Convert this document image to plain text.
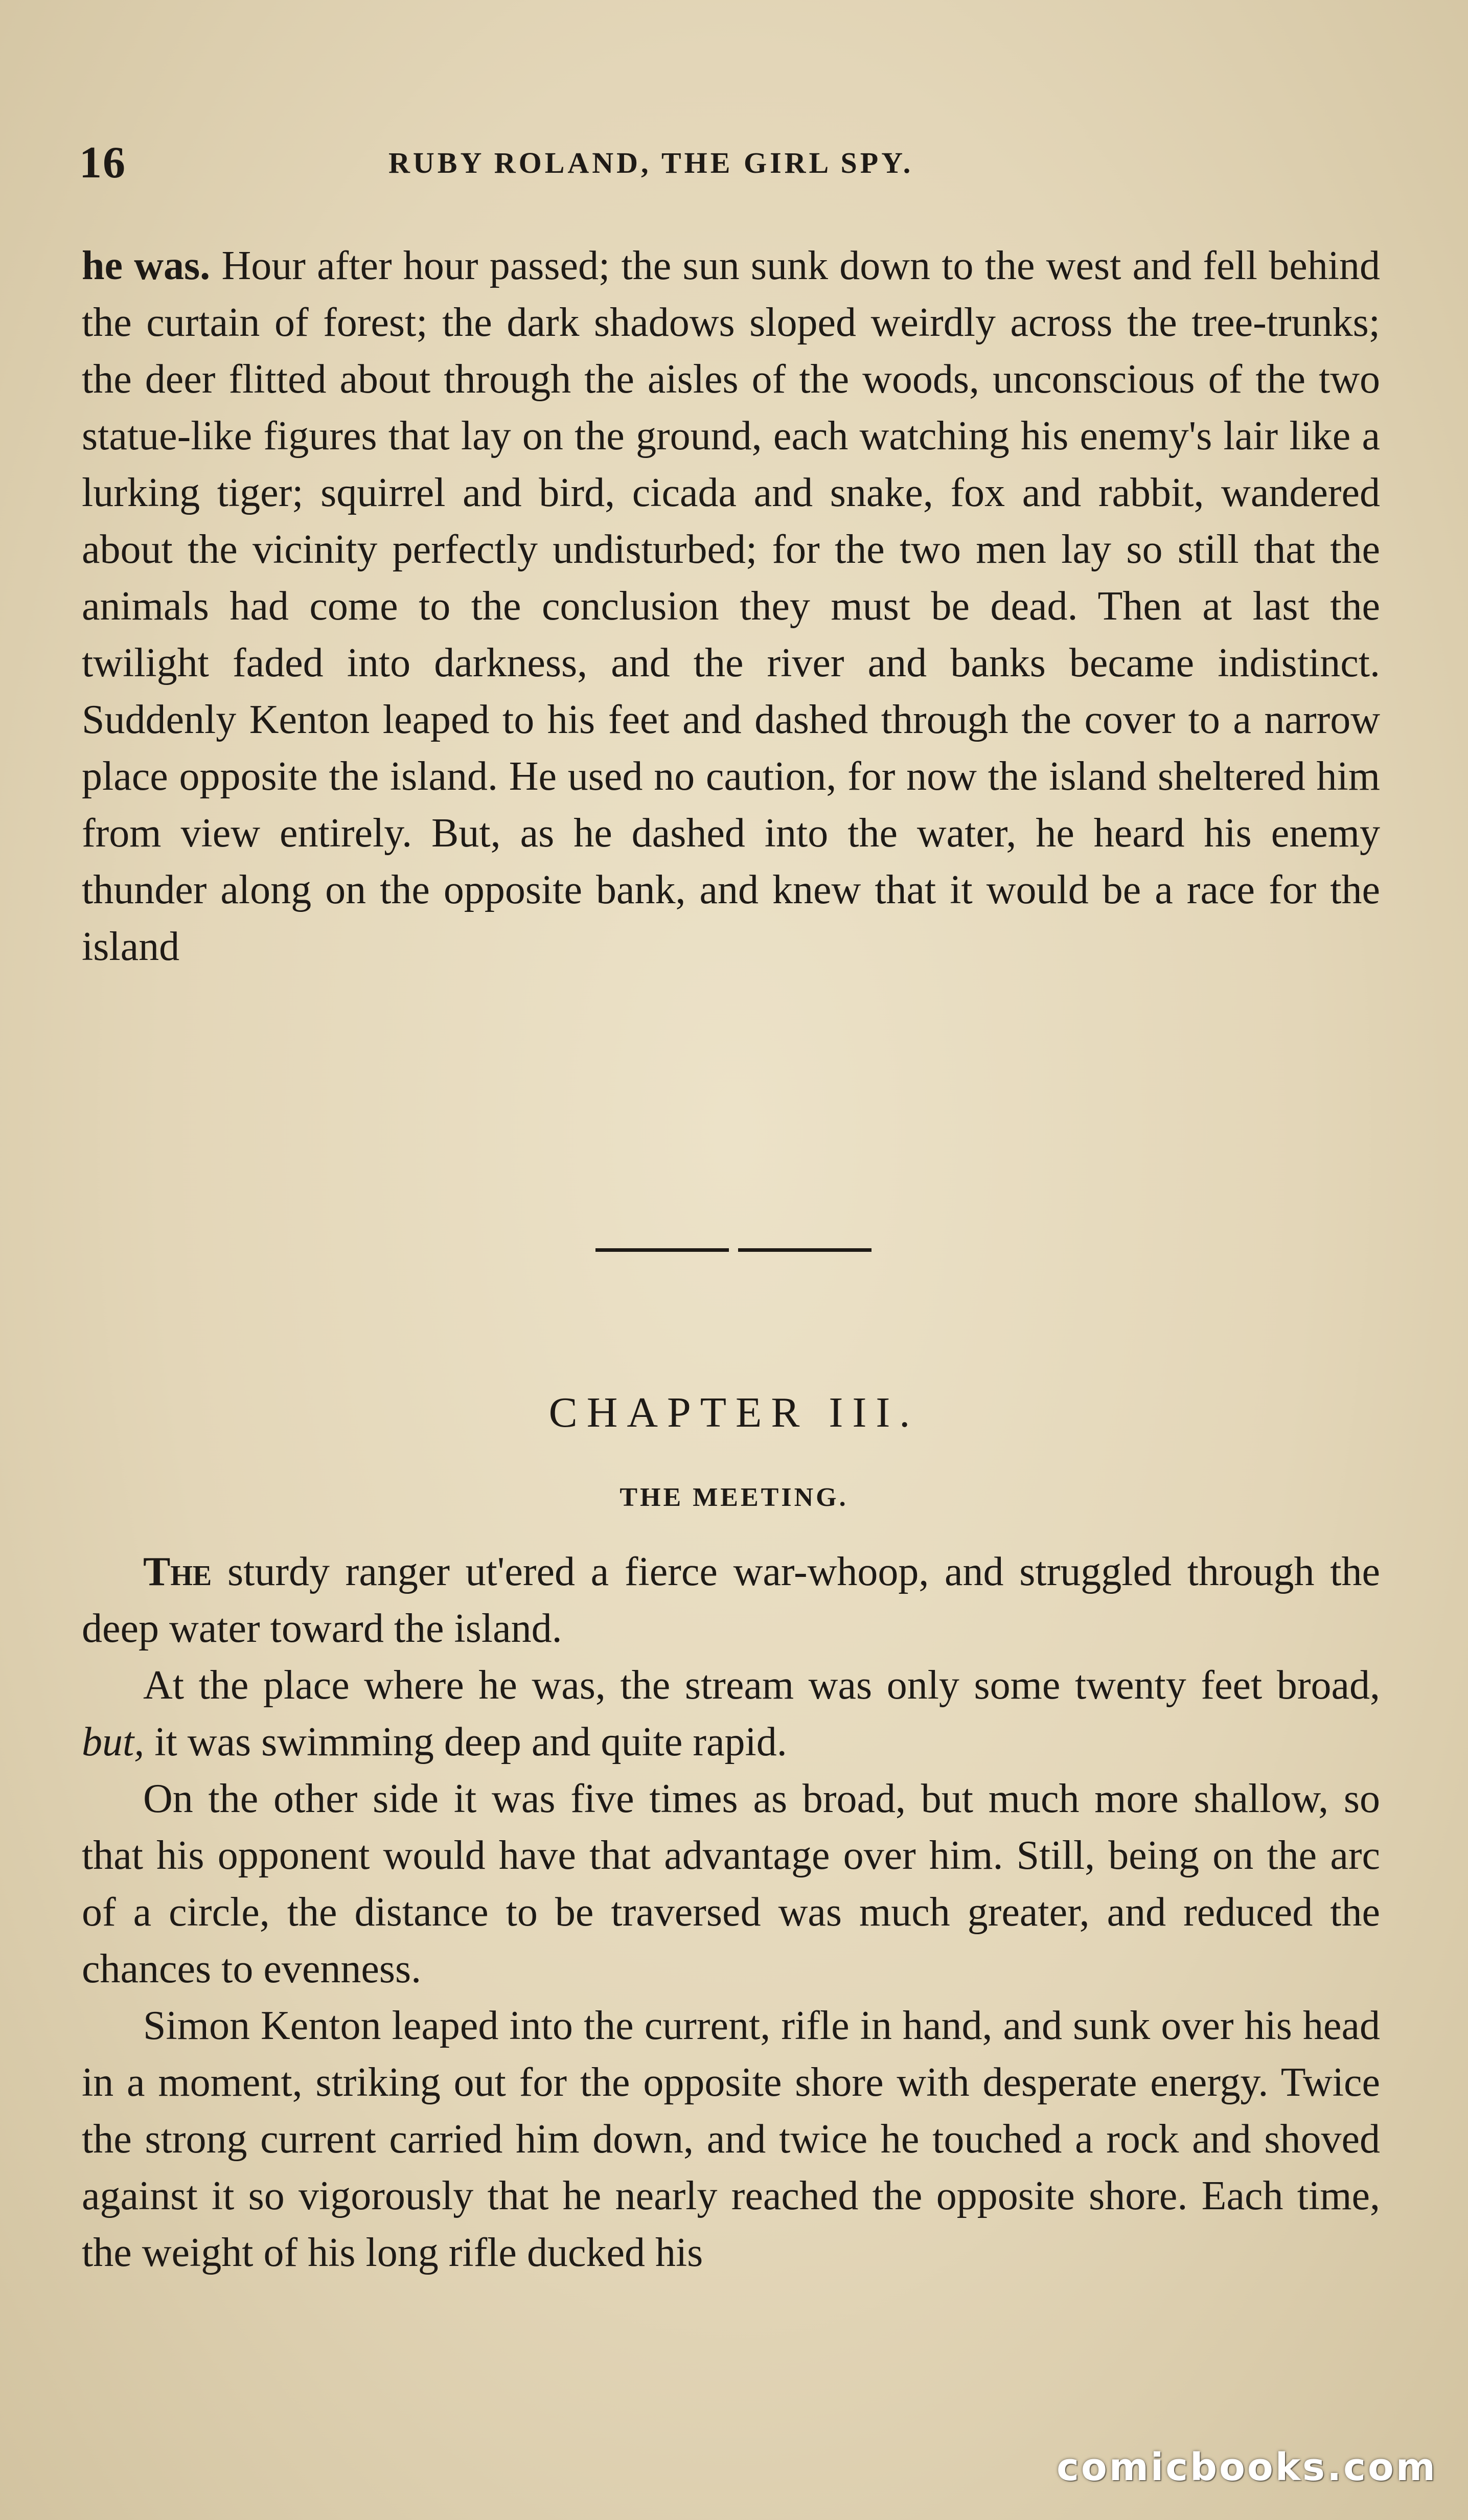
16	RUBY ROLAND, THE GIRL SPY.

he was. Hour after hour passed; the sun sunk down to the west and fell behind the curtain of forest; the dark shadows sloped weirdly across the tree-trunks; the deer flitted about through the aisles of the woods, unconscious of the two statue-like figures that lay on the ground, each watching his enemy's lair like a lurking tiger; squirrel and bird, cicada and snake, fox and rabbit, wandered about the vicinity perfectly undisturbed; for the two men lay so still that the animals had come to the conclusion they must be dead. Then at last the twilight faded into darkness, and the river and banks became indistinct. Suddenly Kenton leaped to his feet and dashed through the cover to a narrow place opposite the island. He used no caution, for now the island sheltered him from view entirely. But, as he dashed into the water, he heard his enemy thunder along on the opposite bank, and knew that it would be a race for the island

CHAPTER III.
THE MEETING.

The sturdy ranger ut'ered a fierce war-whoop, and struggled through the deep water toward the island.

At the place where he was, the stream was only some twenty feet broad, but, it was swimming deep and quite rapid.

On the other side it was five times as broad, but much more shallow, so that his opponent would have that advantage over him. Still, being on the arc of a circle, the distance to be traversed was much greater, and reduced the chances to evenness.

Simon Kenton leaped into the current, rifle in hand, and sunk over his head in a moment, striking out for the opposite shore with desperate energy. Twice the strong current carried him down, and twice he touched a rock and shoved against it so vigorously that he nearly reached the opposite shore. Each time, the weight of his long rifle ducked his

comicbooks.com
